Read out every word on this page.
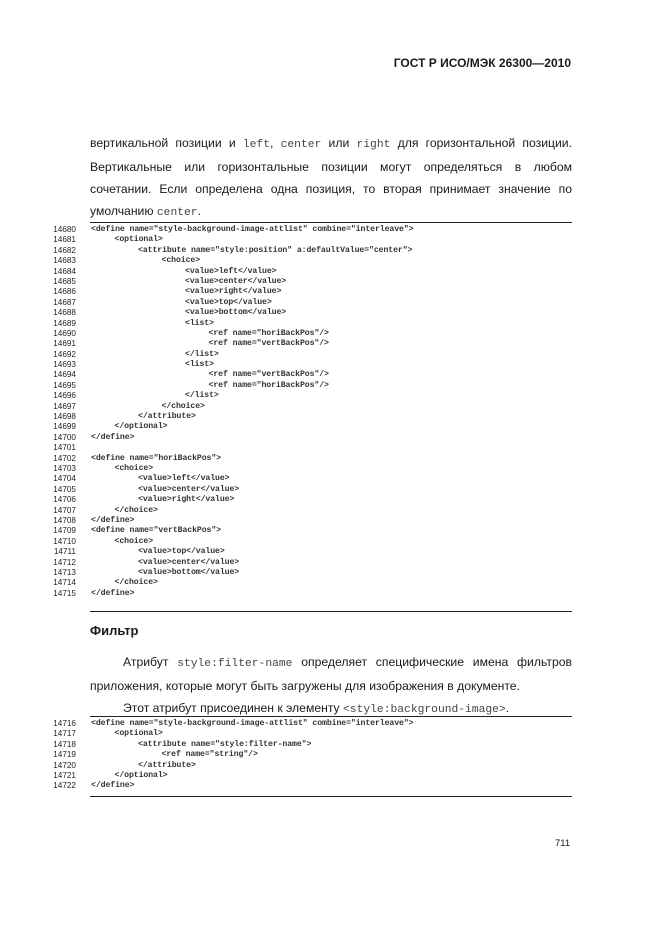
ГОСТ Р ИСО/МЭК 26300—2010

вертикальной позиции и left, center или right для горизонтальной позиции.

Вертикальные или горизонтальные позиции могут определяться в любом

сочетании. Если определена одна позиция, то вторая принимает значение по

умолчанию center.

14680 <define name="style-background-image-attlist" combine="interleave">
14681	<optional>
14682	<attribute name="style:position" a:defaultValue="center">
14683	<choice>
14684	<value>left</value>
14685	<value>center</value>
14686	<value>right</value>
14687	<value>top</value>
14688	<value>bottom</value>
14689	<list>
14690	<ref name="horiBackPos"/>
14691	<ref name="vertBackPos"/>
14692	</list>
14693	<list>
14694	<ref name="vertBackPos"/>
14695	<ref name="horiBackPos"/>
14696	</list>
14697	</choice>
14698	</attribute>
14699	</optional>
14700 </define>
14701
14702 <define name="horiBackPos">
14703	<choice>
14704	<value>left</value>
14705	<value>center</value>
14706	<value>right</value>
14707	</choice>
14708 </define>
14709 <define name="vertBackPos">
14710	<choice>
14711	<value>top</value>
14712	<value>center</value>
14713	<value>bottom</value>
14714	</choice>
14715 </define>
Фильтр

Атрибут style:filter-name определяет специфические имена фильтров

приложения, которые могут быть загружены для изображения в документе.

Этот атрибут присоединен к элементу <style:background-image>.

14716 <define name="style-background-image-attlist" combine="interleave">
14717	<optional>
14718	<attribute name="style:filter-name">
14719	<ref name="string"/>
14720	</attribute>
14721	</optional>
14722 </define>
711
